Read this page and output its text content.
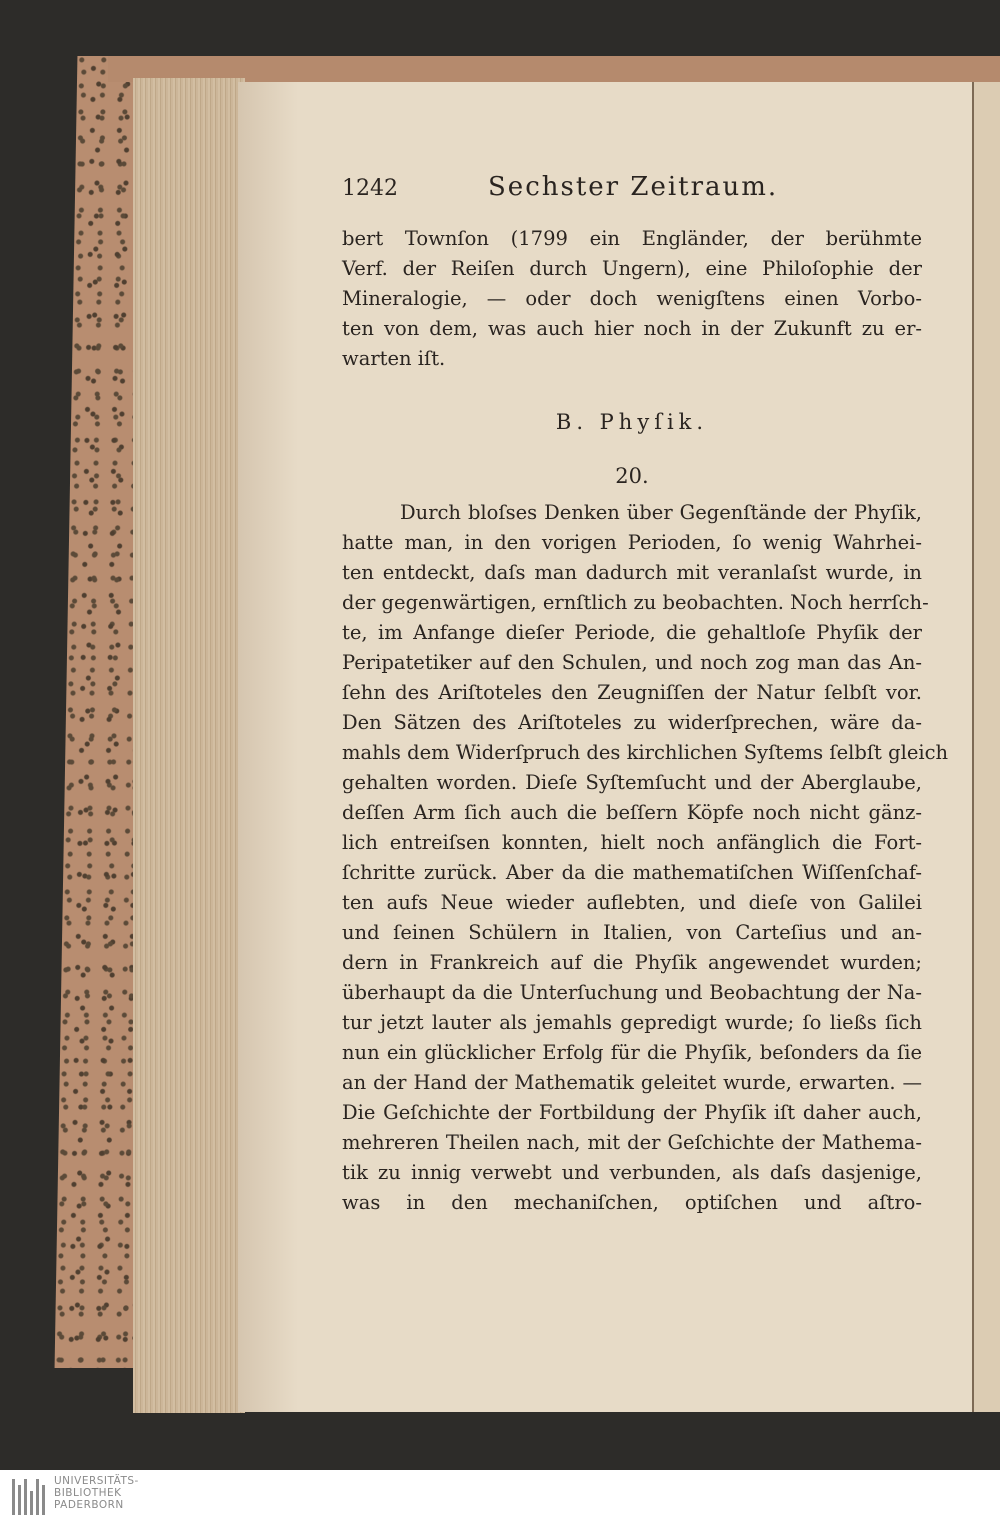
1242	Sechster Zeitraum.
bert Townſon (1799 ein Engländer, der berühmte
Verf. der Reiſen durch Ungern), eine Philoſophie der
Mineralogie, — oder doch wenigſtens einen Vorbo-
ten von dem, was auch hier noch in der Zukunft zu er-
warten iſt.
B. Phyſik.
20.
Durch bloſses Denken über Gegenſtände der Phyſik,
hatte man, in den vorigen Perioden, ſo wenig Wahrhei-
ten entdeckt, daſs man dadurch mit veranlaſst wurde, in
der gegenwärtigen, ernſtlich zu beobachten. Noch herrſch-
te, im Anfange dieſer Periode, die gehaltloſe Phyſik der
Peripatetiker auf den Schulen, und noch zog man das An-
ſehn des Ariſtoteles den Zeugniſſen der Natur ſelbſt vor.
Den Sätzen des Ariſtoteles zu widerſprechen, wäre da-
mahls dem Widerſpruch des kirchlichen Syſtems ſelbſt gleich
gehalten worden. Dieſe Syſtemſucht und der Aberglaube,
deſſen Arm ſich auch die beſſern Köpfe noch nicht gänz-
lich entreiſsen konnten, hielt noch anfänglich die Fort-
ſchritte zurück. Aber da die mathematiſchen Wiſſenſchaf-
ten aufs Neue wieder auflebten, und dieſe von Galilei
und ſeinen Schülern in Italien, von Carteſius und an-
dern in Frankreich auf die Phyſik angewendet wurden;
überhaupt da die Unterſuchung und Beobachtung der Na-
tur jetzt lauter als jemahls gepredigt wurde; ſo ließs ſich
nun ein glücklicher Erfolg für die Phyſik, beſonders da ſie
an der Hand der Mathematik geleitet wurde, erwarten. —
Die Geſchichte der Fortbildung der Phyſik iſt daher auch,
mehreren Theilen nach, mit der Geſchichte der Mathema-
tik zu innig verwebt und verbunden, als daſs dasjenige,
was in den mechaniſchen, optiſchen und aſtro-
UNIVERSITÄTS-
BIBLIOTHEK
PADERBORN
